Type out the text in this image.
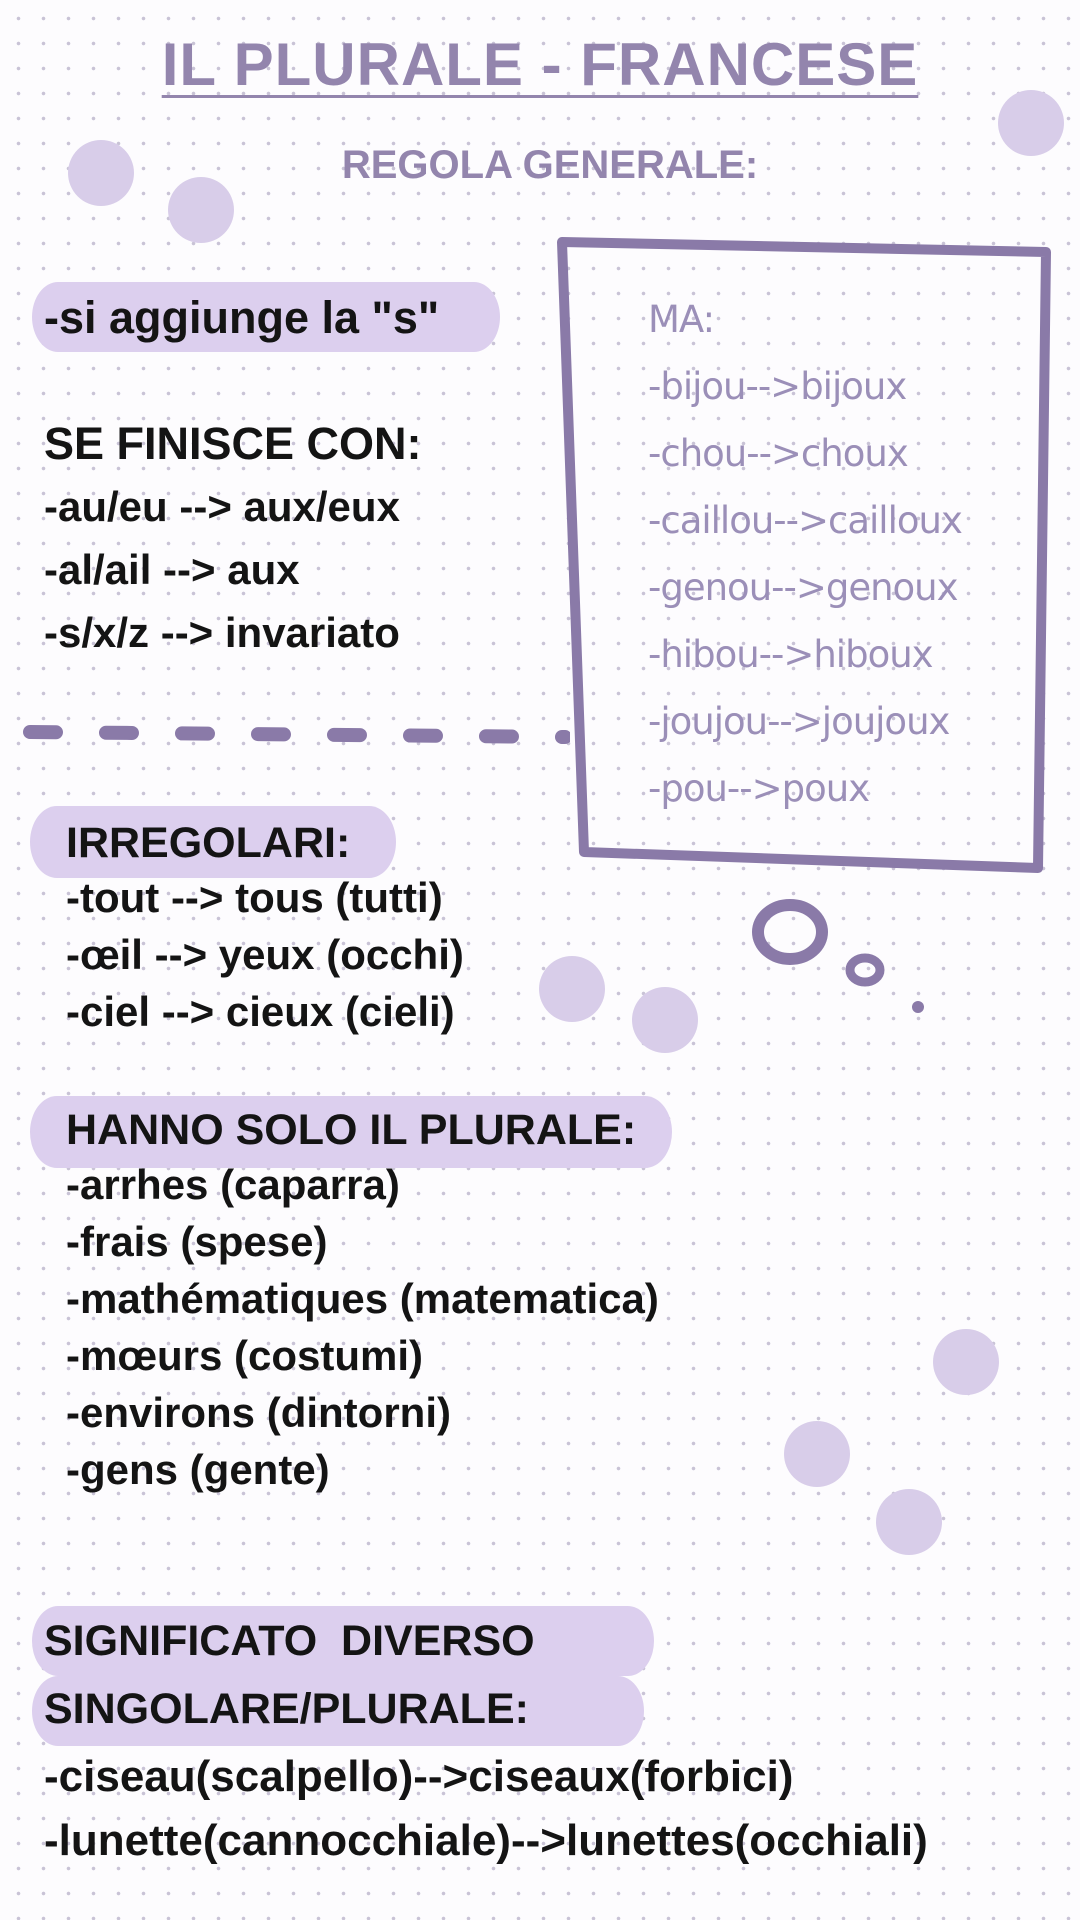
IL PLURALE - FRANCESE
REGOLA GENERALE:
-si aggiunge la "s"
SE FINISCE CON:
-au/eu --> aux/eux
-al/ail --> aux
-s/x/z --> invariato
MA:
-bijou-->bijoux
-chou-->choux
-caillou-->cailloux
-genou-->genoux
-hibou-->hiboux
-joujou-->joujoux
-pou-->poux
IRREGOLARI:
-tout --> tous (tutti)
-œil --> yeux (occhi)
-ciel --> cieux (cieli)
HANNO SOLO IL PLURALE:
-arrhes (caparra)
-frais (spese)
-mathématiques (matematica)
-mœurs (costumi)
-environs (dintorni)
-gens (gente)
SIGNIFICATO  DIVERSO
SINGOLARE/PLURALE:
-ciseau(scalpello)-->ciseaux(forbici)
-lunette(cannocchiale)-->lunettes(occhiali)
